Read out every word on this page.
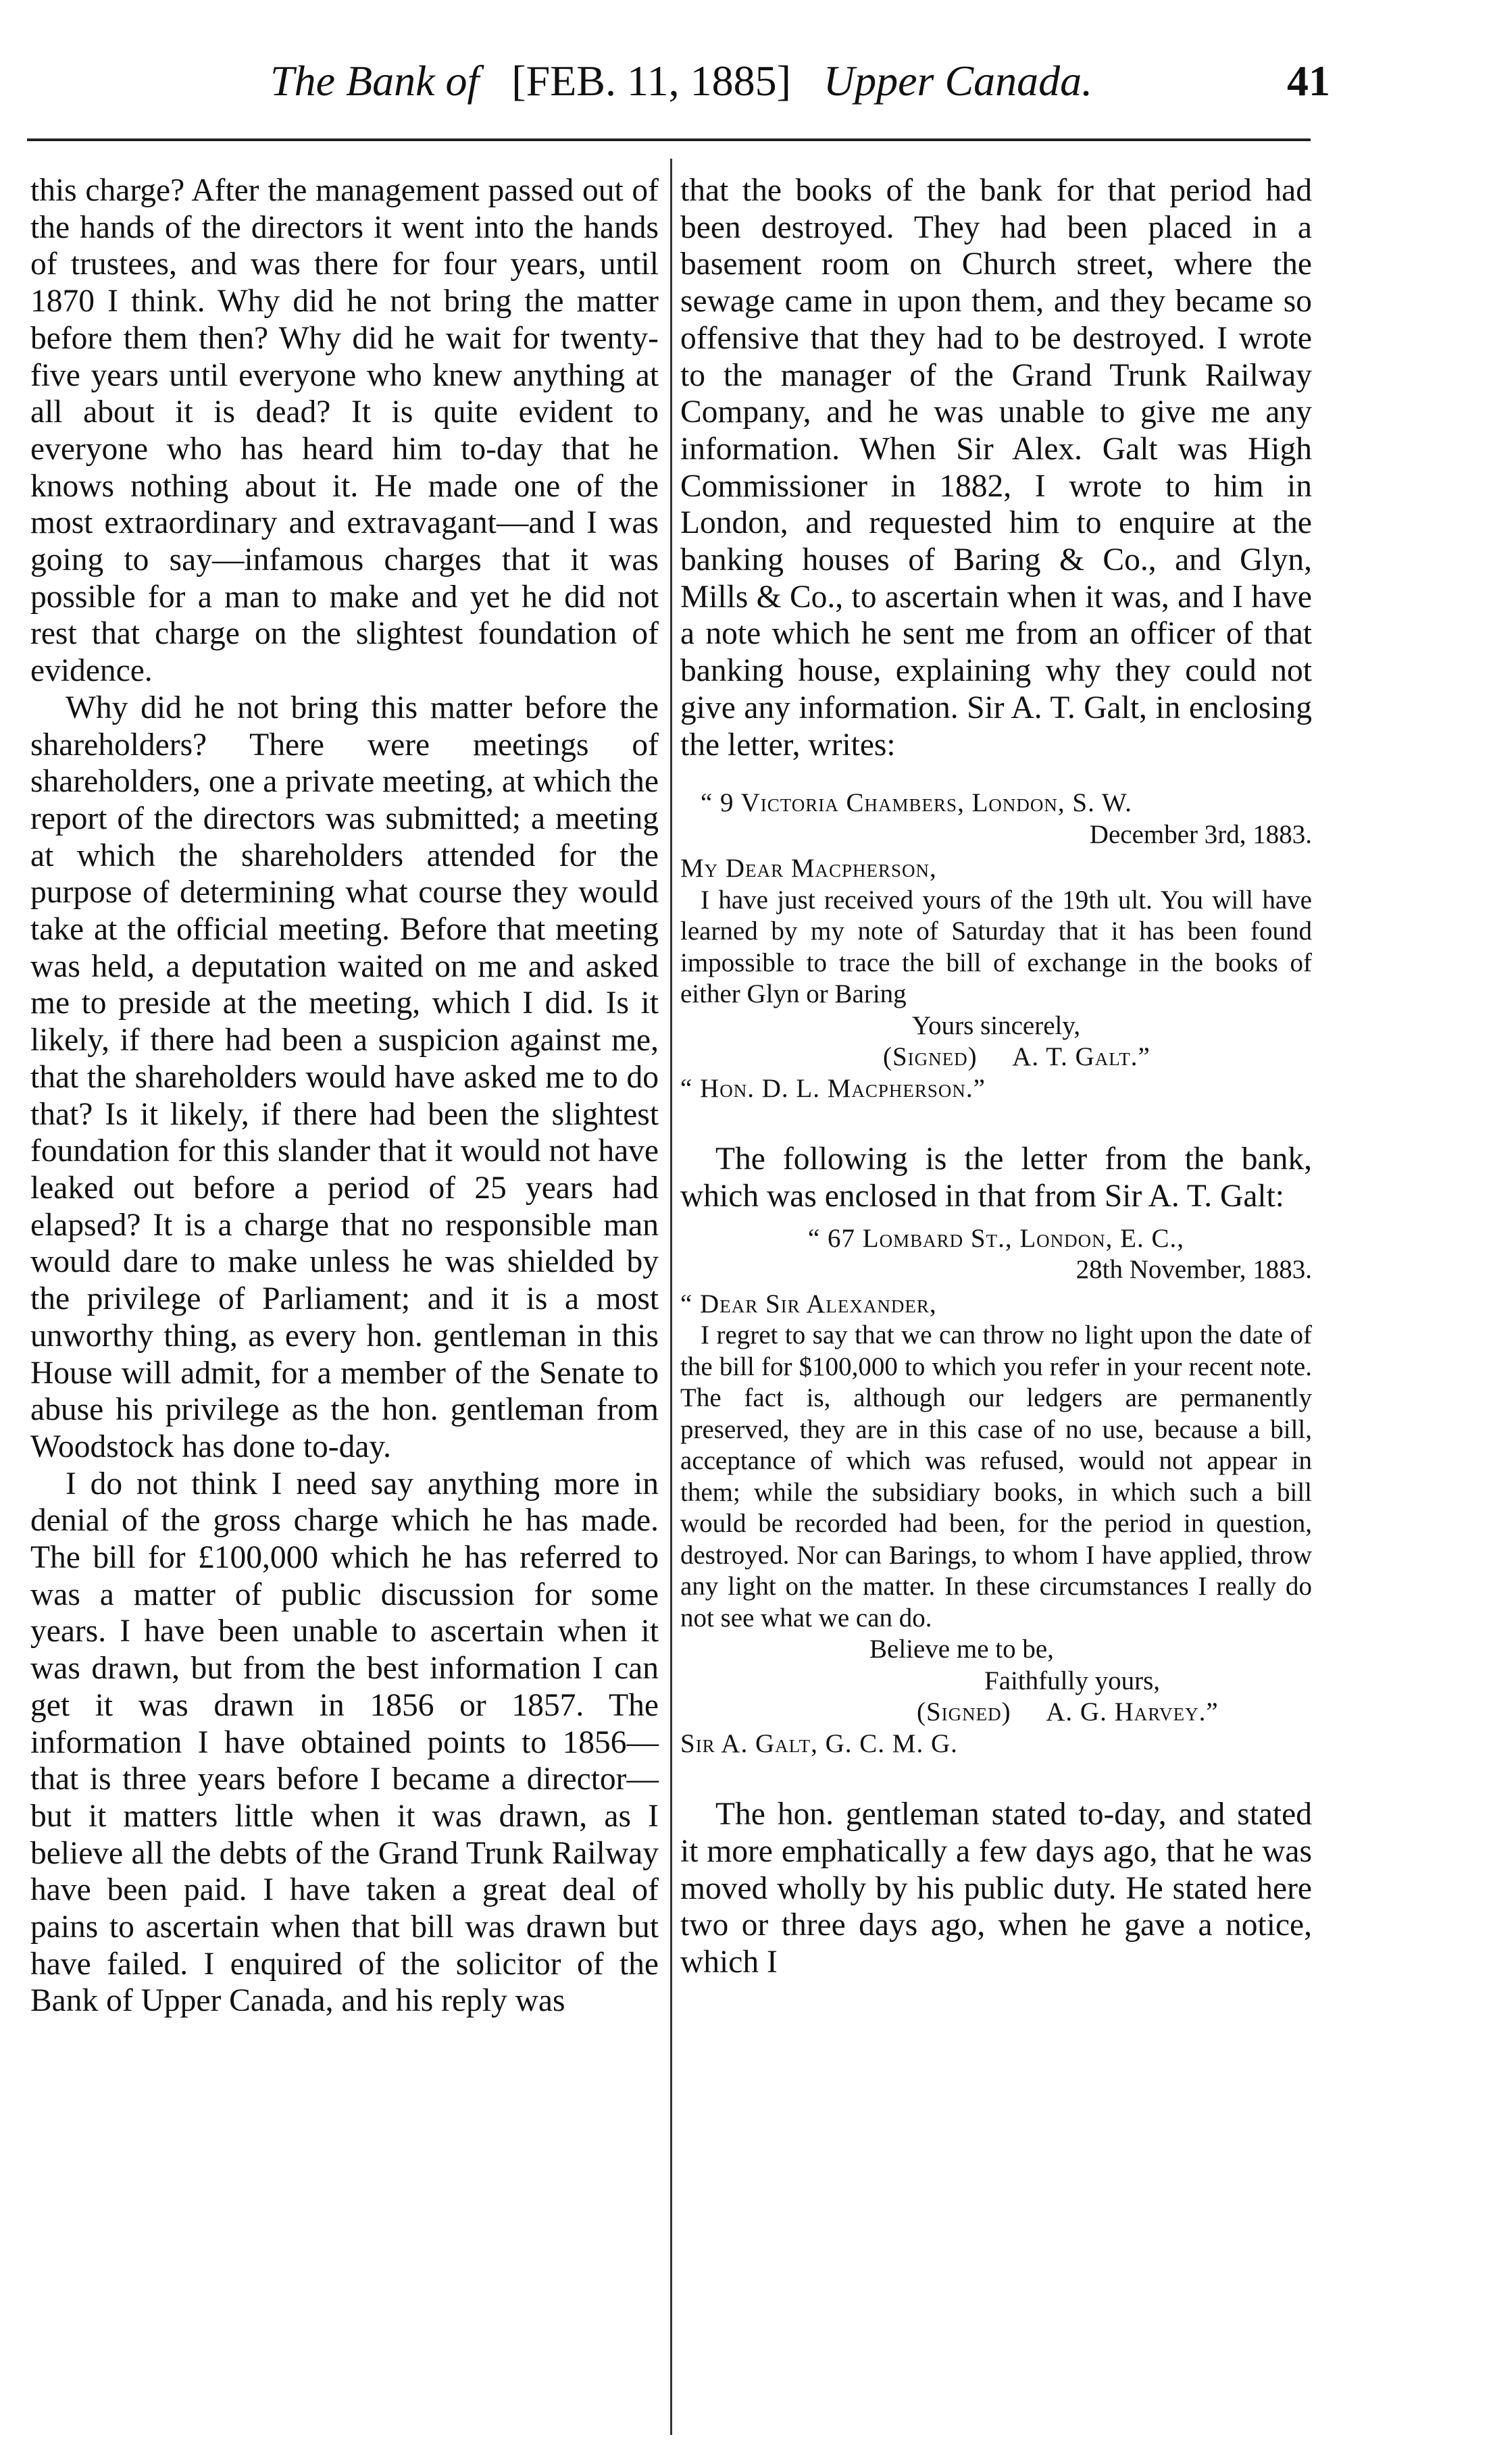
The Bank of [FEB. 11, 1885] Upper Canada.	41

this charge? After the management passed out of the hands of the directors it went into the hands of trustees, and was there for four years, until 1870 I think. Why did he not bring the matter before them then? Why did he wait for twenty-five years until everyone who knew anything at all about it is dead? It is quite evident to everyone who has heard him to-day that he knows nothing about it. He made one of the most extraordinary and extravagant—and I was going to say—infamous charges that it was possible for a man to make and yet he did not rest that charge on the slightest foundation of evidence.

Why did he not bring this matter before the shareholders? There were meetings of shareholders, one a private meeting, at which the report of the directors was submitted; a meeting at which the shareholders attended for the purpose of determining what course they would take at the official meeting. Before that meeting was held, a deputation waited on me and asked me to preside at the meeting, which I did. Is it likely, if there had been a suspicion against me, that the shareholders would have asked me to do that? Is it likely, if there had been the slightest foundation for this slander that it would not have leaked out before a period of 25 years had elapsed? It is a charge that no responsible man would dare to make unless he was shielded by the privilege of Parliament; and it is a most unworthy thing, as every hon. gentleman in this House will admit, for a member of the Senate to abuse his privilege as the hon. gentleman from Woodstock has done to-day.

I do not think I need say anything more in denial of the gross charge which he has made. The bill for £100,000 which he has referred to was a matter of public discussion for some years. I have been unable to ascertain when it was drawn, but from the best information I can get it was drawn in 1856 or 1857. The information I have obtained points to 1856—that is three years before I became a director—but it matters little when it was drawn, as I believe all the debts of the Grand Trunk Railway have been paid. I have taken a great deal of pains to ascertain when that bill was drawn but have failed. I enquired of the solicitor of the Bank of Upper Canada, and his reply was

that the books of the bank for that period had been destroyed. They had been placed in a basement room on Church street, where the sewage came in upon them, and they became so offensive that they had to be destroyed. I wrote to the manager of the Grand Trunk Railway Company, and he was unable to give me any information. When Sir Alex. Galt was High Commissioner in 1882, I wrote to him in London, and requested him to enquire at the banking houses of Baring & Co., and Glyn, Mills & Co., to ascertain when it was, and I have a note which he sent me from an officer of that banking house, explaining why they could not give any information. Sir A. T. Galt, in enclosing the letter, writes:

“ 9 Victoria Chambers, London, S. W.
December 3rd, 1883.
My Dear Macpherson,
I have just received yours of the 19th ult. You will have learned by my note of Saturday that it has been found impossible to trace the bill of exchange in the books of either Glyn or Baring
Yours sincerely,
(Signed)     A. T. Galt.”
“ Hon. D. L. Macpherson.”

The following is the letter from the bank, which was enclosed in that from Sir A. T. Galt:

“ 67 Lombard St., London, E. C.,
28th November, 1883.
“ Dear Sir Alexander,
I regret to say that we can throw no light upon the date of the bill for $100,000 to which you refer in your recent note. The fact is, although our ledgers are permanently preserved, they are in this case of no use, because a bill, acceptance of which was refused, would not appear in them; while the subsidiary books, in which such a bill would be recorded had been, for the period in question, destroyed. Nor can Barings, to whom I have applied, throw any light on the matter. In these circumstances I really do not see what we can do.
Believe me to be,
Faithfully yours,
(Signed)     A. G. Harvey.”
Sir A. Galt, G. C. M. G.

The hon. gentleman stated to-day, and stated it more emphatically a few days ago, that he was moved wholly by his public duty. He stated here two or three days ago, when he gave a notice, which I
